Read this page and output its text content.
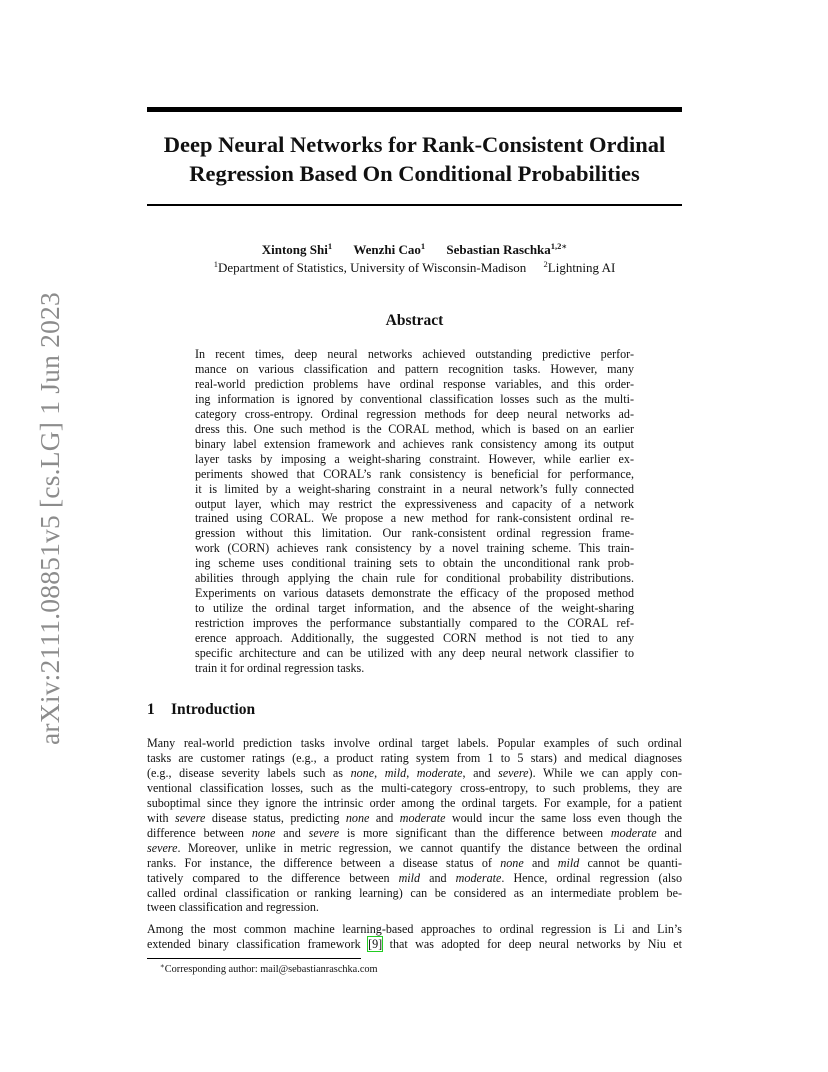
arXiv:2111.08851v5 [cs.LG] 1 Jun 2023
Deep Neural Networks for Rank-Consistent Ordinal
Regression Based On Conditional Probabilities
Xintong Shi$^1$ Wenzhi Cao$^1$ Sebastian Raschka$^{1,2∗}$
$^1$Department of Statistics, University of Wisconsin-Madison $^2$Lightning AI
Abstract
In recent times, deep neural networks achieved outstanding predictive perfor-
mance on various classification and pattern recognition tasks. However, many
real-world prediction problems have ordinal response variables, and this order-
ing information is ignored by conventional classification losses such as the multi-
category cross-entropy. Ordinal regression methods for deep neural networks ad-
dress this. One such method is the CORAL method, which is based on an earlier
binary label extension framework and achieves rank consistency among its output
layer tasks by imposing a weight-sharing constraint. However, while earlier ex-
periments showed that CORAL’s rank consistency is beneficial for performance,
it is limited by a weight-sharing constraint in a neural network’s fully connected
output layer, which may restrict the expressiveness and capacity of a network
trained using CORAL. We propose a new method for rank-consistent ordinal re-
gression without this limitation. Our rank-consistent ordinal regression frame-
work (CORN) achieves rank consistency by a novel training scheme. This train-
ing scheme uses conditional training sets to obtain the unconditional rank prob-
abilities through applying the chain rule for conditional probability distributions.
Experiments on various datasets demonstrate the efficacy of the proposed method
to utilize the ordinal target information, and the absence of the weight-sharing
restriction improves the performance substantially compared to the CORAL ref-
erence approach. Additionally, the suggested CORN method is not tied to any
specific architecture and can be utilized with any deep neural network classifier to
train it for ordinal regression tasks.
1 Introduction
Many real-world prediction tasks involve ordinal target labels. Popular examples of such ordinal
tasks are customer ratings (e.g., a product rating system from 1 to 5 stars) and medical diagnoses
(e.g., disease severity labels such as none, mild, moderate, and severe). While we can apply con-
ventional classification losses, such as the multi-category cross-entropy, to such problems, they are
suboptimal since they ignore the intrinsic order among the ordinal targets. For example, for a patient
with severe disease status, predicting none and moderate would incur the same loss even though the
difference between none and severe is more significant than the difference between moderate and
severe. Moreover, unlike in metric regression, we cannot quantify the distance between the ordinal
ranks. For instance, the difference between a disease status of none and mild cannot be quanti-
tatively compared to the difference between mild and moderate. Hence, ordinal regression (also
called ordinal classification or ranking learning) can be considered as an intermediate problem be-
tween classification and regression.
Among the most common machine learning-based approaches to ordinal regression is Li and Lin’s
extended binary classification framework [9] that was adopted for deep neural networks by Niu et
∗Corresponding author: mail@sebastianraschka.com
